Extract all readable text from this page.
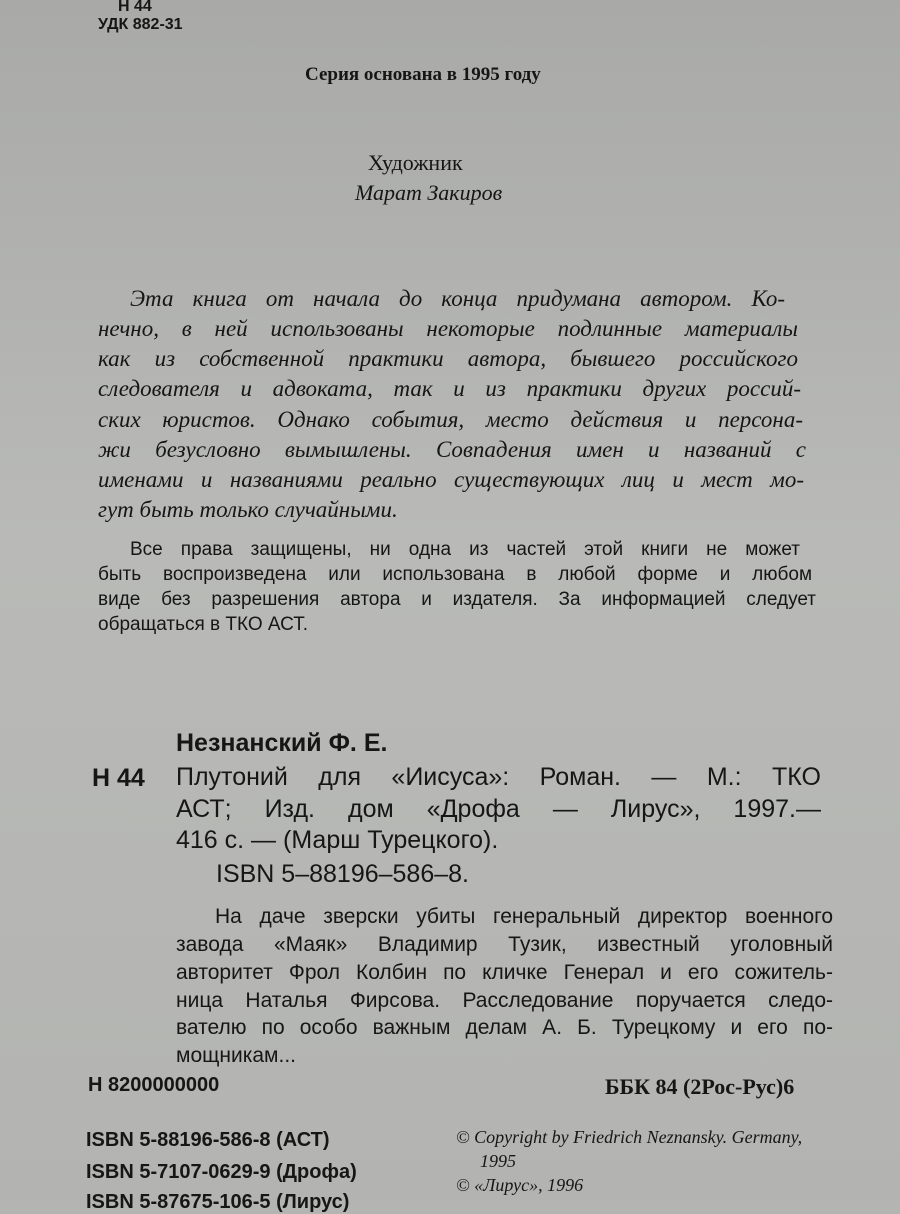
Н 44
УДК 882-31
Серия основана в 1995 году
Художник
Марат Закиров
Эта книга от начала до конца придумана автором. Ко-
нечно, в ней использованы некоторые подлинные материалы
как из собственной практики автора, бывшего российского
следователя и адвоката, так и из практики других россий-
ских юристов. Однако события, место действия и персона-
жи безусловно вымышлены. Совпадения имен и названий с
именами и названиями реально существующих лиц и мест мо-
гут быть только случайными.
Все права защищены, ни одна из частей этой книги не может
быть воспроизведена или использована в любой форме и любом
виде без разрешения автора и издателя. За информацией следует
обращаться в ТКО АСТ.
Незнанский Ф. Е.
Н 44 Плутоний для «Иисуса»: Роман. — М.: ТКО
АСТ; Изд. дом «Дрофа — Лирус», 1997.—
416 с. — (Марш Турецкого).
ISBN 5–88196–586–8.
На даче зверски убиты генеральный директор военного
завода «Маяк» Владимир Тузик, известный уголовный
авторитет Фрол Колбин по кличке Генерал и его сожитель-
ница Наталья Фирсова. Расследование поручается следо-
вателю по особо важным делам А. Б. Турецкому и его по-
мощникам...
Н 8200000000	ББК 84 (2Рос-Рус)6
ISBN 5-88196-586-8 (АСТ)
ISBN 5-7107-0629-9 (Дрофа)
ISBN 5-87675-106-5 (Лирус)
© Copyright by Friedrich Neznansky. Germany,
1995
© «Лирус», 1996
